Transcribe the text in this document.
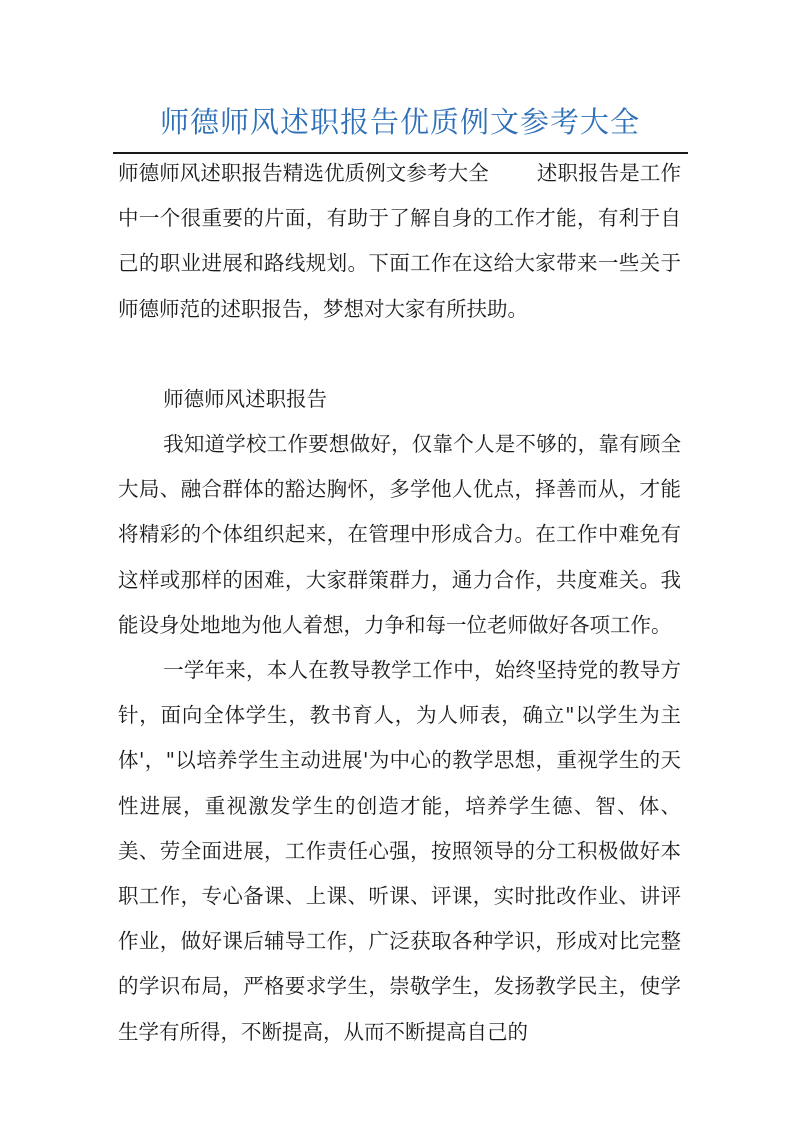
师德师风述职报告优质例文参考大全

师德师风述职报告精选优质例文参考大全 述职报告是工作中一个很重要的片面，有助于了解自身的工作才能，有利于自己的职业进展和路线规划。下面工作在这给大家带来一些关于师德师范的述职报告，梦想对大家有所扶助。

师德师风述职报告

我知道学校工作要想做好，仅靠个人是不够的，靠有顾全大局、融合群体的豁达胸怀，多学他人优点，择善而从，才能将精彩的个体组织起来，在管理中形成合力。在工作中难免有这样或那样的困难，大家群策群力，通力合作，共度难关。我能设身处地地为他人着想，力争和每一位老师做好各项工作。

一学年来，本人在教导教学工作中，始终坚持党的教导方针，面向全体学生，教书育人，为人师表，确立"以学生为主体'，"以培养学生主动进展'为中心的教学思想，重视学生的天性进展，重视激发学生的创造才能，培养学生德、智、体、美、劳全面进展，工作责任心强，按照领导的分工积极做好本职工作，专心备课、上课、听课、评课，实时批改作业、讲评作业，做好课后辅导工作，广泛获取各种学识，形成对比完整的学识布局，严格要求学生，崇敬学生，发扬教学民主，使学生学有所得，不断提高，从而不断提高自己的
